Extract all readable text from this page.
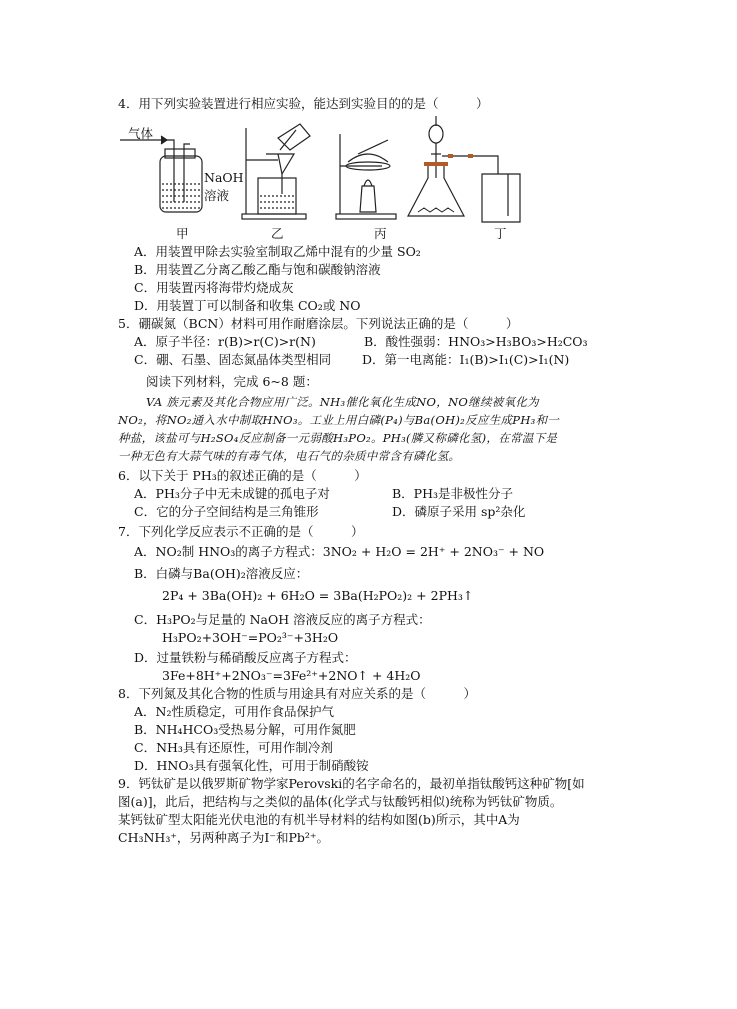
4．用下列实验装置进行相应实验，能达到实验目的的是（　　　）
气体
NaOH
溶液
甲	乙	丙	丁
A．用装置甲除去实验室制取乙烯中混有的少量 SO₂
B．用装置乙分离乙酸乙酯与饱和碳酸钠溶液
C．用装置丙将海带灼烧成灰
D．用装置丁可以制备和收集 CO₂或 NO
5．硼碳氮（BCN）材料可用作耐磨涂层。下列说法正确的是（　　　）
A．原子半径：r(B)>r(C)>r(N)	B．酸性强弱：HNO₃>H₃BO₃>H₂CO₃
C．硼、石墨、固态氮晶体类型相同 D．第一电离能：I₁(B)>I₁(C)>I₁(N)
阅读下列材料，完成 6~8 题：
VA 族元素及其化合物应用广泛。NH₃催化氧化生成NO，NO继续被氧化为
NO₂，将NO₂通入水中制取HNO₃。工业上用白磷(P₄)与Ba(OH)₂反应生成PH₃和一
种盐，该盐可与H₂SO₄反应制备一元弱酸H₃PO₂。PH₃(膦又称磷化氢)，在常温下是
一种无色有大蒜气味的有毒气体，电石气的杂质中常含有磷化氢。
6．以下关于 PH₃的叙述正确的是（　　　）
A．PH₃分子中无未成键的孤电子对	B．PH₃是非极性分子
C．它的分子空间结构是三角锥形	D．磷原子采用 sp²杂化
7．下列化学反应表示不正确的是（　　　）
A．NO₂制 HNO₃的离子方程式：3NO₂ + H₂O = 2H⁺ + 2NO₃⁻ + NO
B．白磷与Ba(OH)₂溶液反应：
2P₄ + 3Ba(OH)₂ + 6H₂O = 3Ba(H₂PO₂)₂ + 2PH₃↑
C．H₃PO₂与足量的 NaOH 溶液反应的离子方程式：
H₃PO₂+3OH⁻=PO₂³⁻+3H₂O
D．过量铁粉与稀硝酸反应离子方程式：
3Fe+8H⁺+2NO₃⁻=3Fe²⁺+2NO↑ + 4H₂O
8．下列氮及其化合物的性质与用途具有对应关系的是（　　　）
A．N₂性质稳定，可用作食品保护气
B．NH₄HCO₃受热易分解，可用作氮肥
C．NH₃具有还原性，可用作制冷剂
D．HNO₃具有强氧化性，可用于制硝酸铵
9．钙钛矿是以俄罗斯矿物学家Perovski的名字命名的，最初单指钛酸钙这种矿物[如
图(a)]，此后，把结构与之类似的晶体(化学式与钛酸钙相似)统称为钙钛矿物质。
某钙钛矿型太阳能光伏电池的有机半导材料的结构如图(b)所示，其中A为
CH₃NH₃⁺，另两种离子为I⁻和Pb²⁺。
